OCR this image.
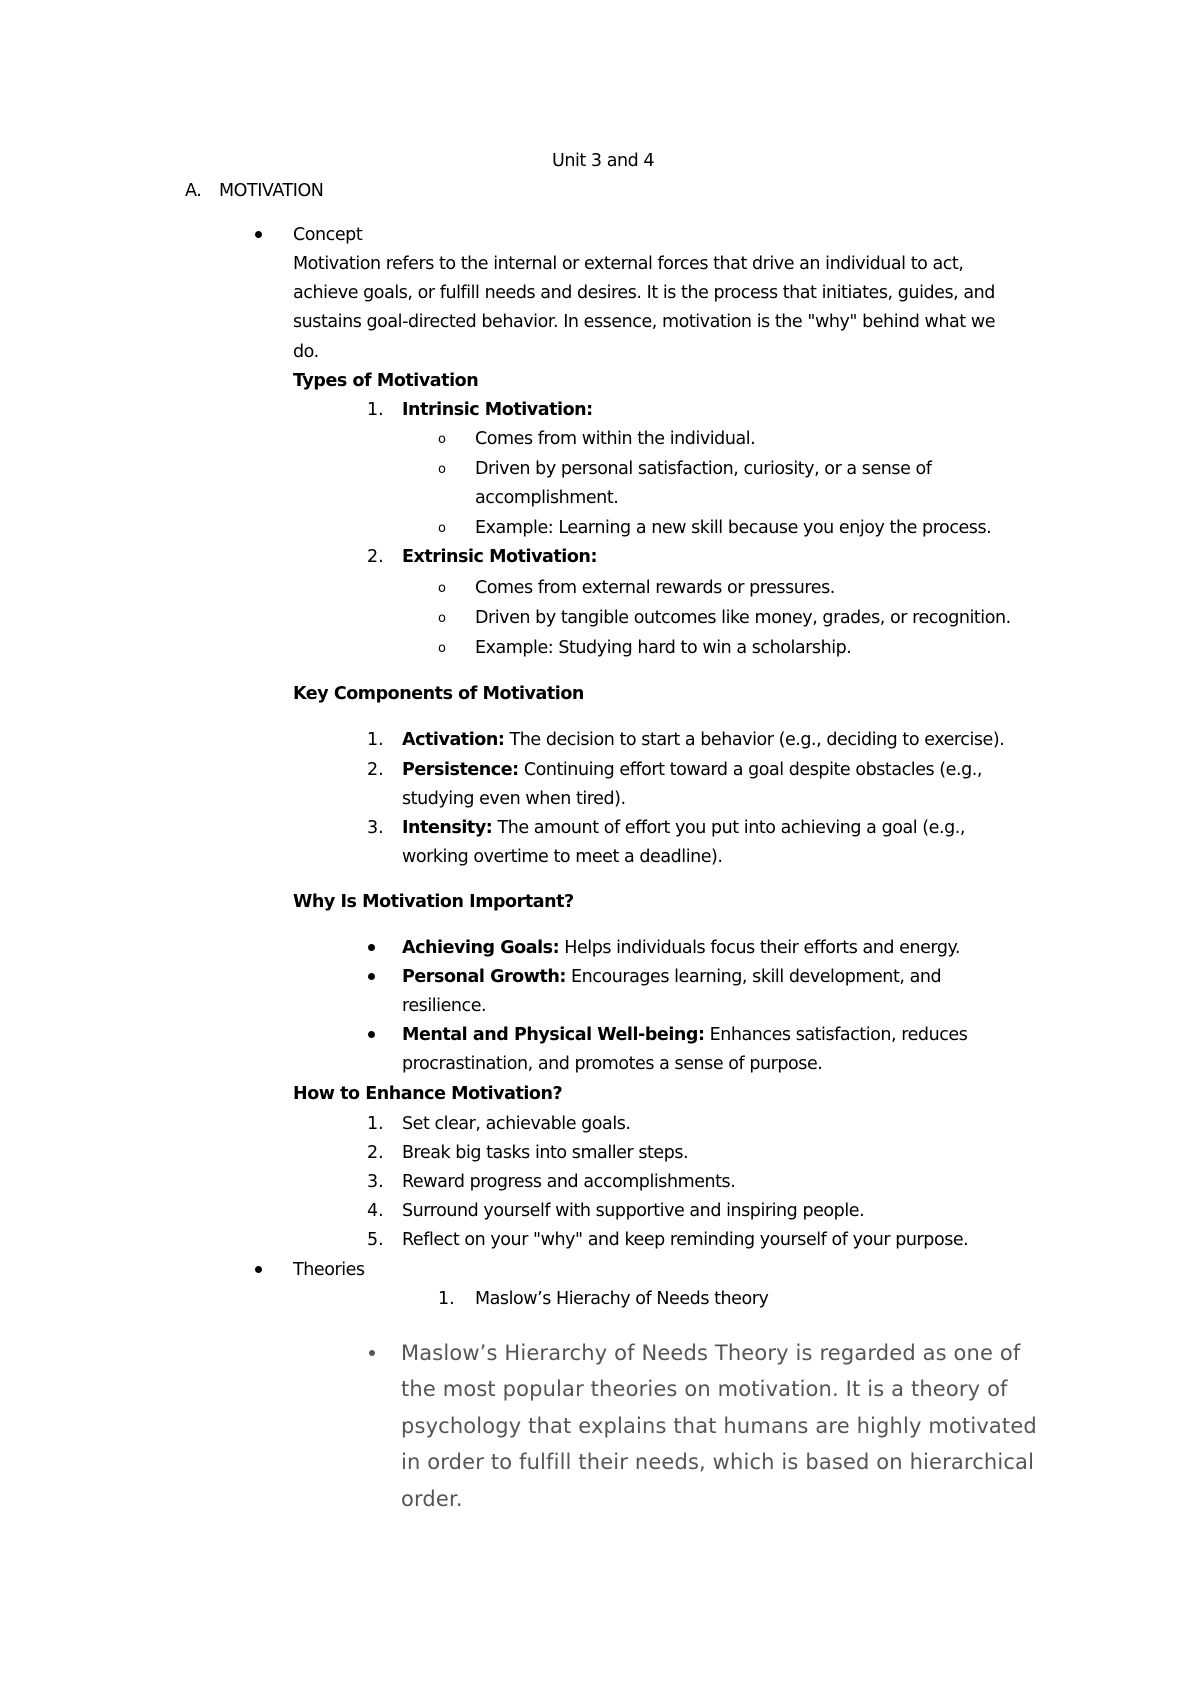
Unit 3 and 4
A. MOTIVATION
Concept
Motivation refers to the internal or external forces that drive an individual to act,
achieve goals, or fulfill needs and desires. It is the process that initiates, guides, and
sustains goal-directed behavior. In essence, motivation is the "why" behind what we
do.
Types of Motivation
1. Intrinsic Motivation:
o Comes from within the individual.
o Driven by personal satisfaction, curiosity, or a sense of
accomplishment.
o Example: Learning a new skill because you enjoy the process.
2. Extrinsic Motivation:
o Comes from external rewards or pressures.
o Driven by tangible outcomes like money, grades, or recognition.
o Example: Studying hard to win a scholarship.
Key Components of Motivation
1. Activation: The decision to start a behavior (e.g., deciding to exercise).
2. Persistence: Continuing effort toward a goal despite obstacles (e.g.,
studying even when tired).
3. Intensity: The amount of effort you put into achieving a goal (e.g.,
working overtime to meet a deadline).
Why Is Motivation Important?
Achieving Goals: Helps individuals focus their efforts and energy.
Personal Growth: Encourages learning, skill development, and
resilience.
Mental and Physical Well-being: Enhances satisfaction, reduces
procrastination, and promotes a sense of purpose.
How to Enhance Motivation?
1. Set clear, achievable goals.
2. Break big tasks into smaller steps.
3. Reward progress and accomplishments.
4. Surround yourself with supportive and inspiring people.
5. Reflect on your "why" and keep reminding yourself of your purpose.
Theories
1. Maslow’s Hierachy of Needs theory
Maslow’s Hierarchy of Needs Theory is regarded as one of
the most popular theories on motivation. It is a theory of
psychology that explains that humans are highly motivated
in order to fulfill their needs, which is based on hierarchical
order.
